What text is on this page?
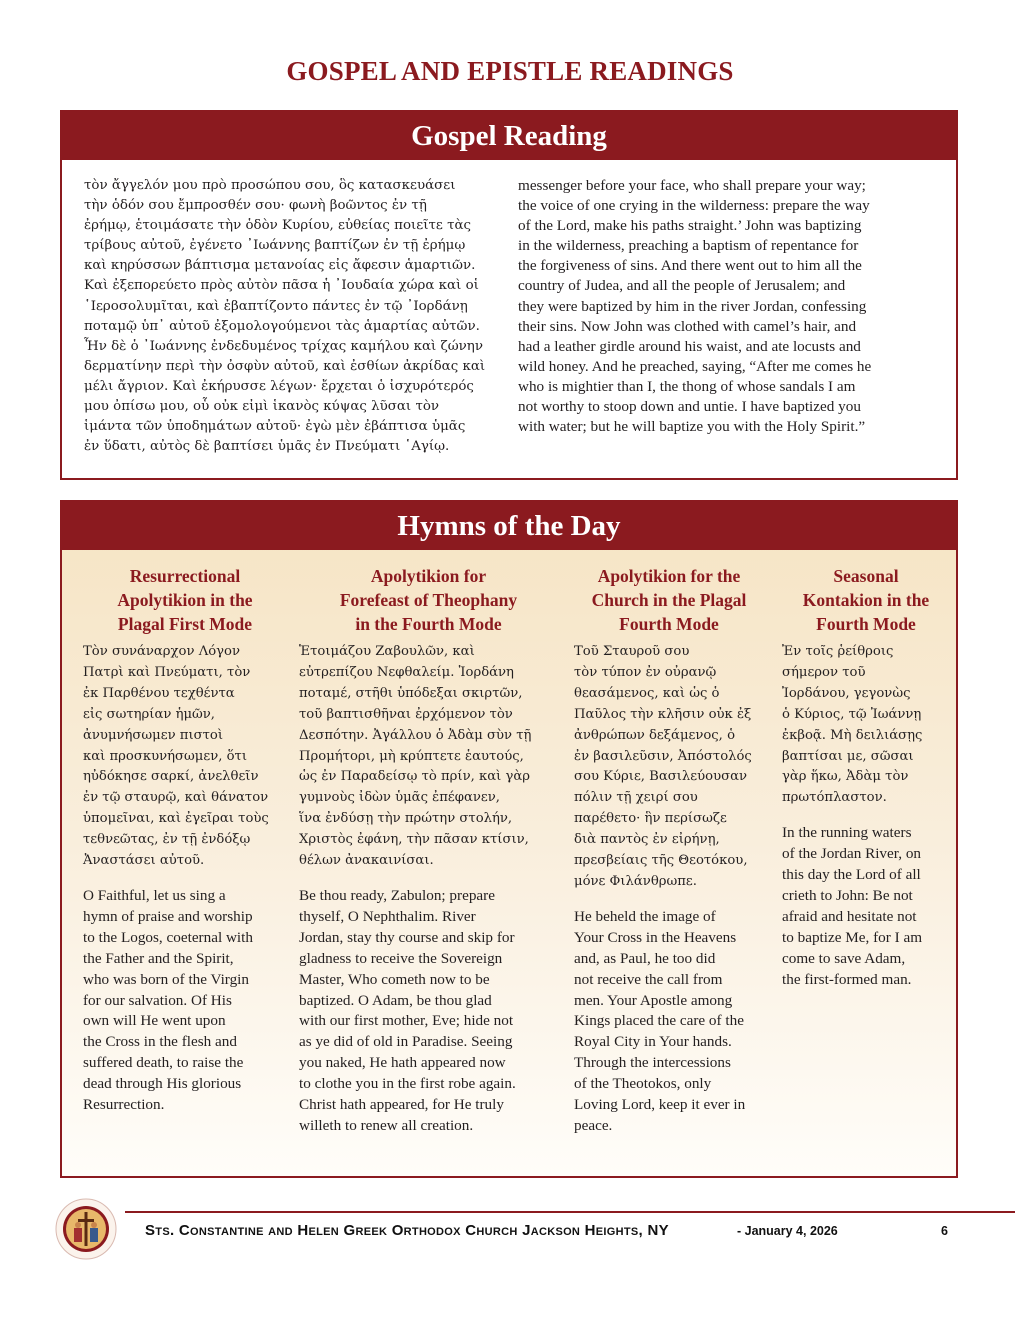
GOSPEL AND EPISTLE READINGS
Gospel Reading
τὸν ἄγγελόν μου πρὸ προσώπου σου, ὃς κατασκευάσει
τὴν ὁδόν σου ἔμπροσθέν σου· φωνὴ βοῶντος ἐν τῇ
ἐρήμῳ, ἑτοιμάσατε τὴν ὁδὸν Κυρίου, εὐθείας ποιεῖτε τὰς
τρίβους αὐτοῦ, ἐγένετο ᾿Ιωάννης βαπτίζων ἐν τῇ ἐρήμῳ
καὶ κηρύσσων βάπτισμα μετανοίας εἰς ἄφεσιν ἁμαρτιῶν.
Καὶ ἐξεπορεύετο πρὸς αὐτὸν πᾶσα ἡ ᾿Ιουδαία χώρα καὶ οἱ
῾Ιεροσολυμῖται, καὶ ἐβαπτίζοντο πάντες ἐν τῷ ᾿Ιορδάνῃ
ποταμῷ ὑπ᾿ αὐτοῦ ἐξομολογούμενοι τὰς ἁμαρτίας αὐτῶν.
Ἦν δὲ ὁ ᾿Ιωάννης ἐνδεδυμένος τρίχας καμήλου καὶ ζώνην
δερματίνην περὶ τὴν ὀσφὺν αὐτοῦ, καὶ ἐσθίων ἀκρίδας καὶ
μέλι ἄγριον. Καὶ ἐκήρυσσε λέγων· ἔρχεται ὁ ἰσχυρότερός
μου ὀπίσω μου, οὗ οὐκ εἰμὶ ἱκανὸς κύψας λῦσαι τὸν
ἱμάντα τῶν ὑποδημάτων αὐτοῦ· ἐγὼ μὲν ἐβάπτισα ὑμᾶς
ἐν ὕδατι, αὐτὸς δὲ βαπτίσει ὑμᾶς ἐν Πνεύματι ῾Αγίῳ.
messenger before your face, who shall prepare your way;
the voice of one crying in the wilderness: prepare the way
of the Lord, make his paths straight.’ John was baptizing
in the wilderness, preaching a baptism of repentance for
the forgiveness of sins. And there went out to him all the
country of Judea, and all the people of Jerusalem; and
they were baptized by him in the river Jordan, confessing
their sins. Now John was clothed with camel’s hair, and
had a leather girdle around his waist, and ate locusts and
wild honey. And he preached, saying, “After me comes he
who is mightier than I, the thong of whose sandals I am
not worthy to stoop down and untie. I have baptized you
with water; but he will baptize you with the Holy Spirit.”
Hymns of the Day
Resurrectional
Apolytikion in the
Plagal First Mode
Τὸν συνάναρχον Λόγον
Πατρὶ καὶ Πνεύματι, τὸν
ἐκ Παρθένου τεχθέντα
εἰς σωτηρίαν ἡμῶν,
ἀνυμνήσωμεν πιστοὶ
καὶ προσκυνήσωμεν, ὅτι
ηὐδόκησε σαρκί, ἀνελθεῖν
ἐν τῷ σταυρῷ, καὶ θάνατον
ὑπομεῖναι, καὶ ἐγεῖραι τοὺς
τεθνεῶτας, ἐν τῇ ἐνδόξῳ
Ἀναστάσει αὐτοῦ.
O Faithful, let us sing a
hymn of praise and worship
to the Logos, coeternal with
the Father and the Spirit,
who was born of the Virgin
for our salvation. Of His
own will He went upon
the Cross in the flesh and
suffered death, to raise the
dead through His glorious
Resurrection.
Apolytikion for
Forefeast of Theophany
in the Fourth Mode
Ἑτοιμάζου Ζαβουλῶν, καὶ
εὐτρεπίζου Νεφθαλείμ. Ἰορδάνη
ποταμέ, στῆθι ὑπόδεξαι σκιρτῶν,
τοῦ βαπτισθῆναι ἐρχόμενον τὸν
Δεσπότην. Ἀγάλλου ὁ Ἀδὰμ σὺν τῇ
Προμήτορι, μὴ κρύπτετε ἑαυτούς,
ὡς ἐν Παραδείσῳ τὸ πρίν, καὶ γὰρ
γυμνοὺς ἰδὼν ὑμᾶς ἐπέφανεν,
ἵνα ἐνδύσῃ τὴν πρώτην στολήν,
Χριστὸς ἐφάνη, τὴν πᾶσαν κτίσιν,
θέλων ἀνακαινίσαι.
Be thou ready, Zabulon; prepare
thyself, O Nephthalim. River
Jordan, stay thy course and skip for
gladness to receive the Sovereign
Master, Who cometh now to be
baptized. O Adam, be thou glad
with our first mother, Eve; hide not
as ye did of old in Paradise. Seeing
you naked, He hath appeared now
to clothe you in the first robe again.
Christ hath appeared, for He truly
willeth to renew all creation.
Apolytikion for the
Church in the Plagal
Fourth Mode
Τοῦ Σταυροῦ σου
τὸν τύπον ἐν οὐρανῷ
θεασάμενος, καὶ ὡς ὁ
Παῦλος τὴν κλῆσιν οὐκ ἐξ
ἀνθρώπων δεξάμενος, ὁ
ἐν βασιλεῦσιν, Ἀπόστολός
σου Κύριε, Βασιλεύουσαν
πόλιν τῇ χειρί σου
παρέθετο· ἣν περίσωζε
διὰ παντὸς ἐν εἰρήνῃ,
πρεσβείαις τῆς Θεοτόκου,
μόνε Φιλάνθρωπε.
He beheld the image of
Your Cross in the Heavens
and, as Paul, he too did
not receive the call from
men. Your Apostle among
Kings placed the care of the
Royal City in Your hands.
Through the intercessions
of the Theotokos, only
Loving Lord, keep it ever in
peace.
Seasonal
Kontakion in the
Fourth Mode
Ἐν τοῖς ῥείθροις
σήμερον τοῦ
Ἰορδάνου, γεγονὼς
ὁ Κύριος, τῷ Ἰωάννῃ
ἐκβοᾷ. Μὴ δειλιάσῃς
βαπτίσαι με, σῶσαι
γὰρ ἥκω, Ἀδὰμ τὸν
πρωτόπλαστον.
In the running waters
of the Jordan River, on
this day the Lord of all
crieth to John: Be not
afraid and hesitate not
to baptize Me, for I am
come to save Adam,
the first-formed man.
Sts. Constantine and Helen Greek Orthodox Church Jackson Heights, NY	- January 4, 2026	6
